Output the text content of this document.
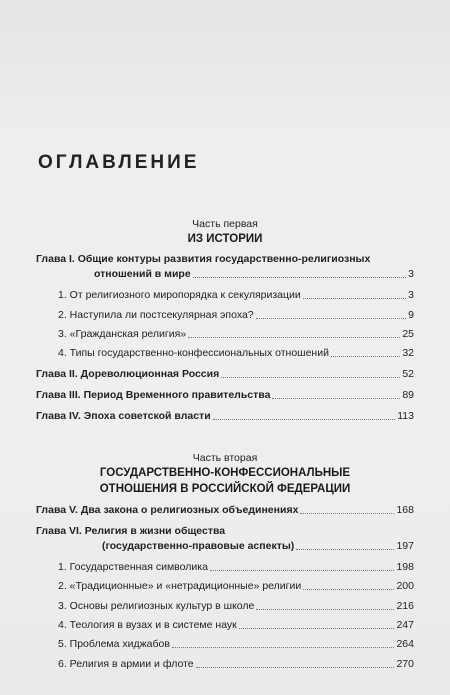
ОГЛАВЛЕНИЕ
Часть первая
ИЗ ИСТОРИИ
Глава I. Общие контуры развития государственно-религиозных
отношений в мире	3
1. От религиозного миропорядка к секуляризации	3
2. Наступила ли постсекулярная эпоха?	9
3. «Гражданская религия»	25
4. Типы государственно-конфессиональных отношений	32
Глава II. Дореволюционная Россия	52
Глава III. Период Временного правительства	89
Глава IV. Эпоха советской власти	113
Часть вторая
ГОСУДАРСТВЕННО-КОНФЕССИОНАЛЬНЫЕ
ОТНОШЕНИЯ В РОССИЙСКОЙ ФЕДЕРАЦИИ
Глава V. Два закона о религиозных объединениях	168
Глава VI. Религия в жизни общества
(государственно-правовые аспекты)	197
1. Государственная символика	198
2. «Традиционные» и «нетрадиционные» религии	200
3. Основы религиозных культур в школе	216
4. Теология в вузах и в системе наук	247
5. Проблема хиджабов	264
6. Религия в армии и флоте	270
